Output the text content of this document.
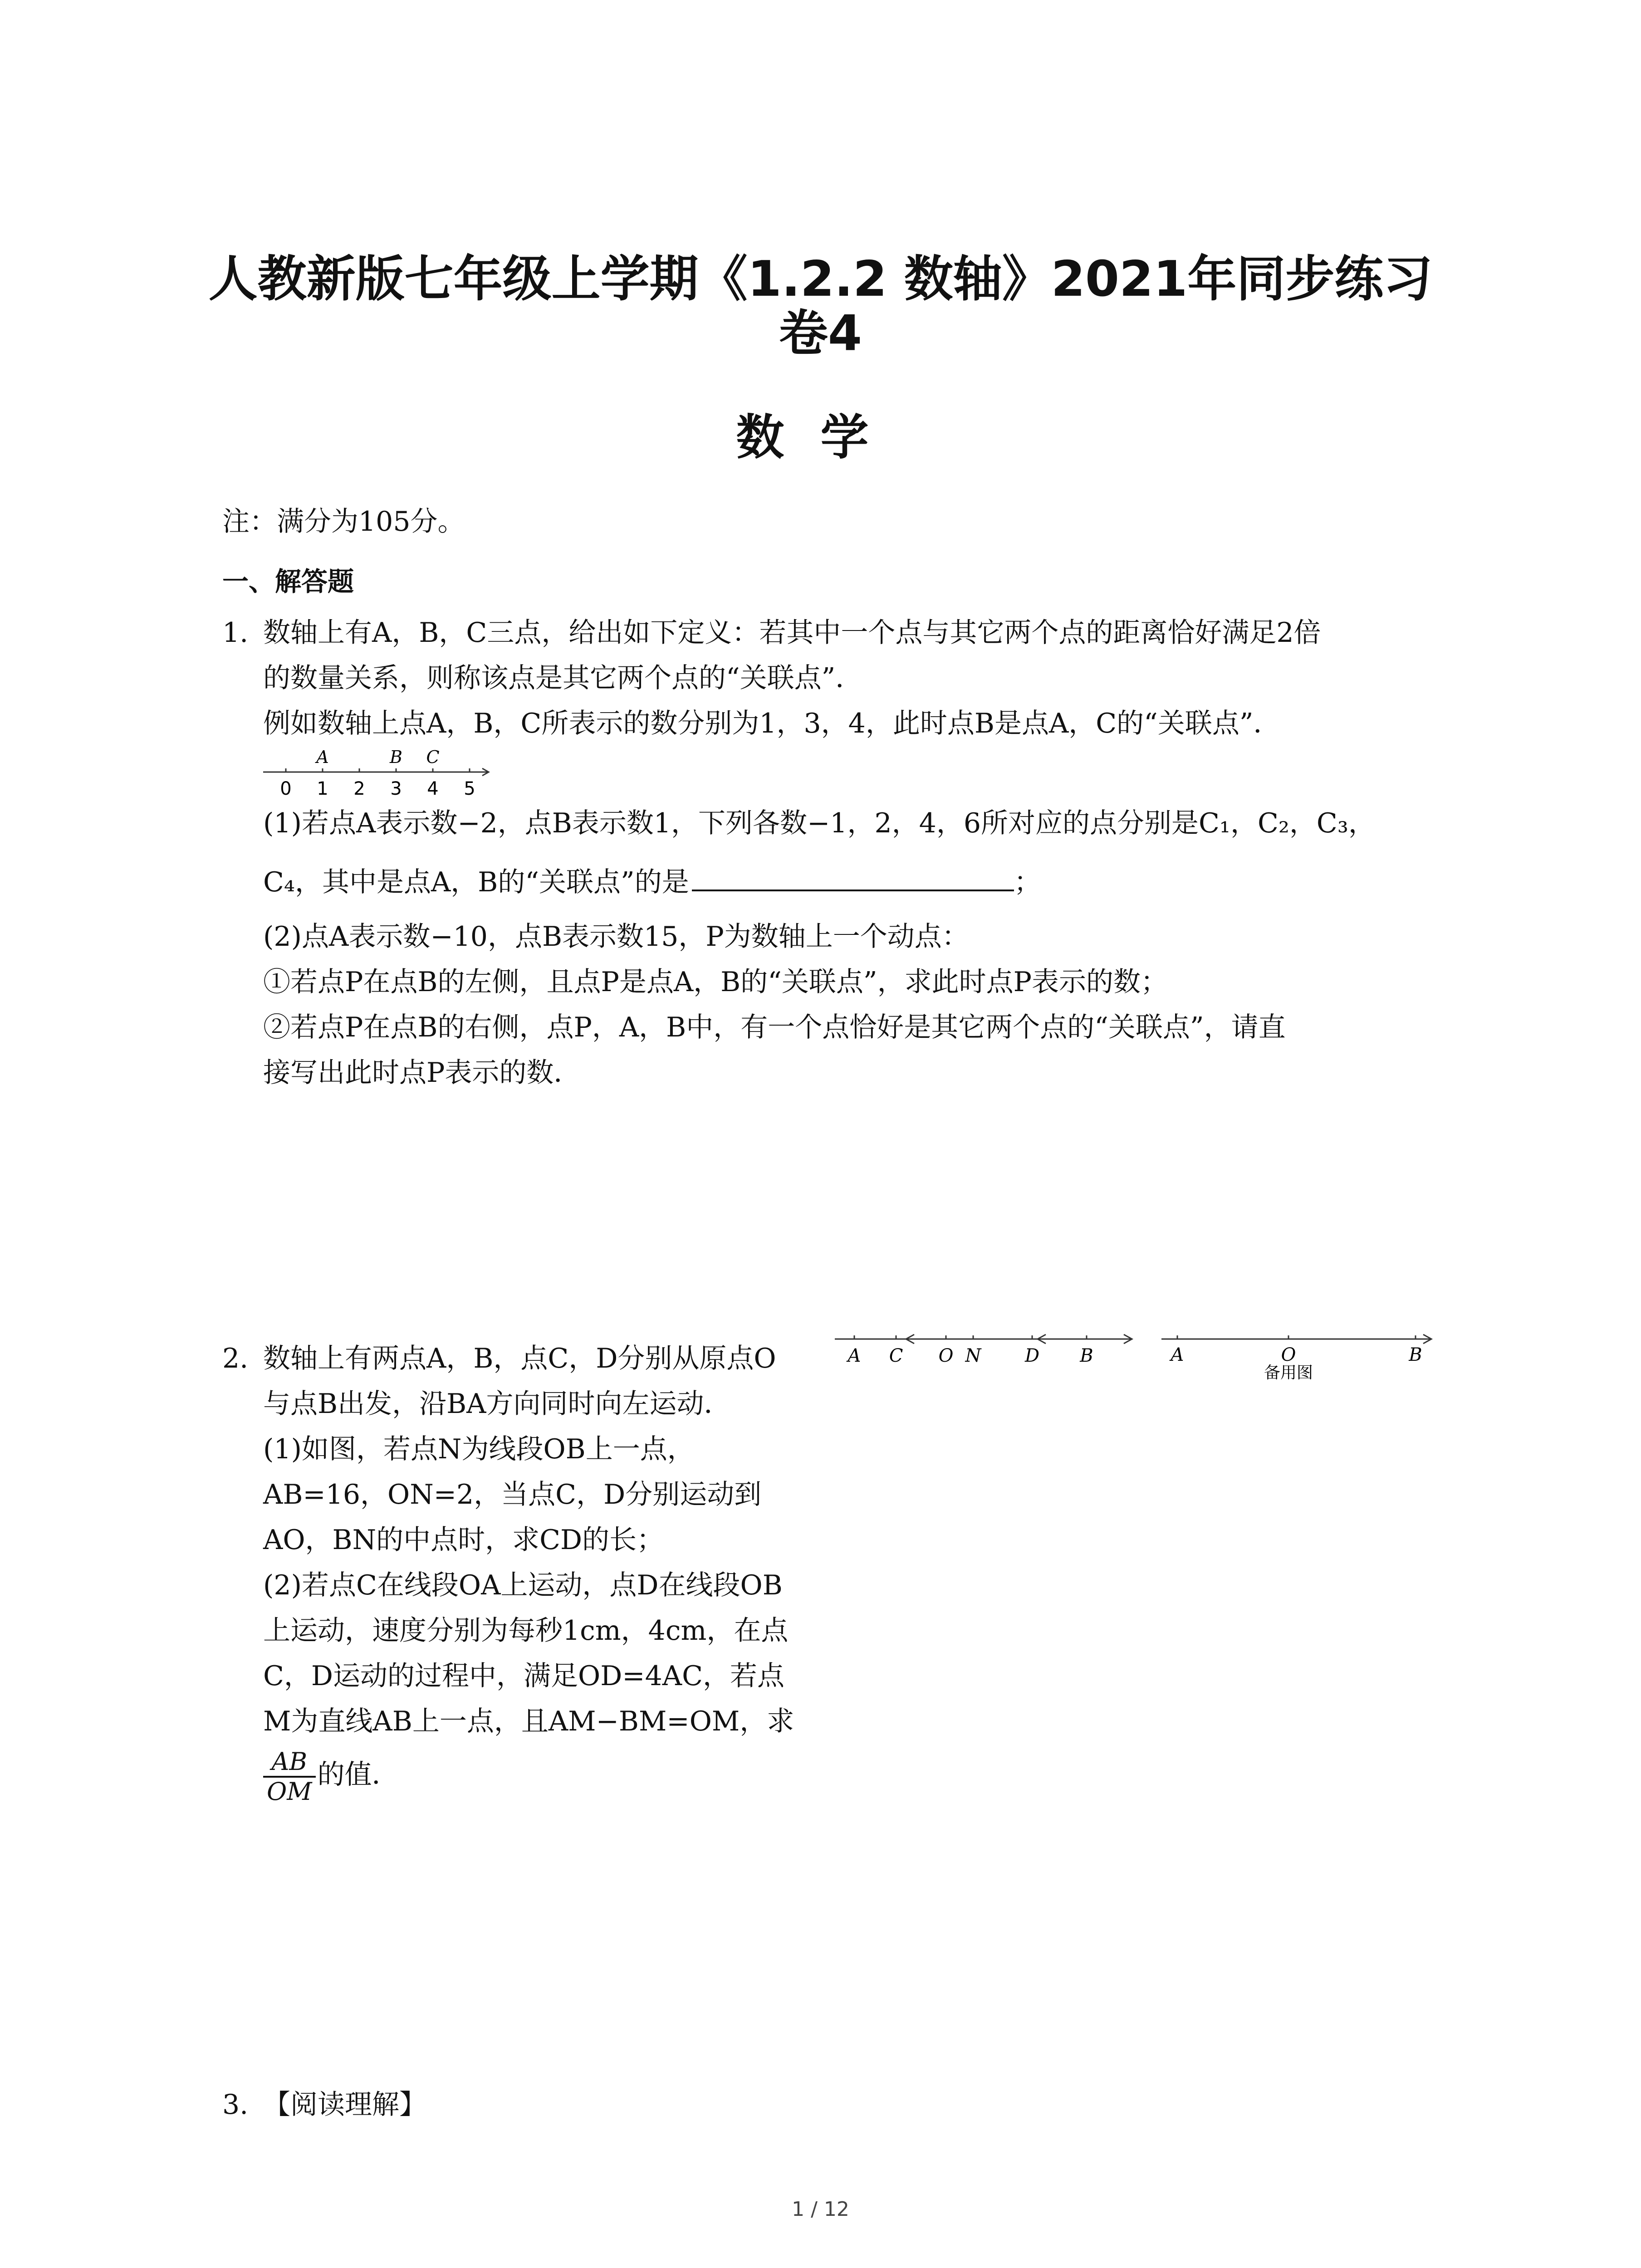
人教新版七年级上学期《1.2.2 数轴》2021年同步练习
卷4
数学
注：满分为105分。
一、解答题
1. 数轴上有A，B，C三点，给出如下定义：若其中一个点与其它两个点的距离恰好满足2倍
的数量关系，则称该点是其它两个点的“关联点”．
例如数轴上点A，B，C所表示的数分别为1，3，4，此时点B是点A，C的“关联点”．
0 1 2 3 4 5
A	B C
(1)若点A表示数−2，点B表示数1，下列各数−1，2，4，6所对应的点分别是C₁，C₂，C₃，
C₄，其中是点A，B的“关联点”的是	；
(2)点A表示数−10，点B表示数15，P为数轴上一个动点：
①若点P在点B的左侧，且点P是点A，B的“关联点”，求此时点P表示的数；
②若点P在点B的右侧，点P，A，B中，有一个点恰好是其它两个点的“关联点”，请直
接写出此时点P表示的数．
2. 数轴上有两点A，B，点C，D分别从原点O
与点B出发，沿BA方向同时向左运动．
(1)如图，若点N为线段OB上一点，
AB=16，ON=2，当点C，D分别运动到
AO，BN的中点时，求CD的长；
(2)若点C在线段OA上运动，点D在线段OB
上运动，速度分别为每秒1cm，4cm，在点
C，D运动的过程中，满足OD=4AC，若点
M为直线AB上一点，且AM−BM=OM，求
$\frac{AB}{OM}$ 的值．
A C O N D B	A	O	B
备用图
3. 【阅读理解】
1 / 12
